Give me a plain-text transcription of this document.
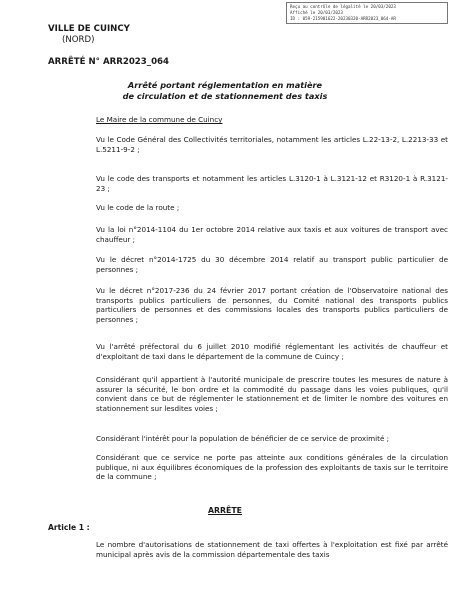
Reçu au contrôle de légalité le 20/03/2023
Affiché le 20/03/2023
ID : 059-215901622-20230320-ARR2023_064-AR
VILLE DE CUINCY
(NORD)
ARRÊTÉ N° ARR2023_064
Arrêté portant réglementation en matière
de circulation et de stationnement des taxis
Le Maire de la commune de Cuincy
Vu le Code Général des Collectivités territoriales, notamment les articles L.22-13-2, L.2213-33 et L.5211-9-2 ;
Vu le code des transports et notamment les articles L.3120-1 à L.3121-12 et R3120-1 à R.3121-23 ;
Vu le code de la route ;
Vu la loi n°2014-1104 du 1er octobre 2014 relative aux taxis et aux voitures de transport avec chauffeur ;
Vu le décret n°2014-1725 du 30 décembre 2014 relatif au transport public particulier de personnes ;
Vu le décret n°2017-236 du 24 février 2017 portant création de l'Observatoire national des transports publics particuliers de personnes, du Comité national des transports publics particuliers de personnes et des commissions locales des transports publics particuliers de personnes ;
Vu l'arrêté préfectoral du 6 juillet 2010 modifié réglementant les activités de chauffeur et d'exploitant de taxi dans le département de la commune de Cuincy ;
Considérant qu'il appartient à l'autorité municipale de prescrire toutes les mesures de nature à assurer la sécurité, le bon ordre et la commodité du passage dans les voies publiques, qu'il convient dans ce but de réglementer le stationnement et de limiter le nombre des voitures en stationnement sur lesdites voies ;
Considérant l'intérêt pour la population de bénéficier de ce service de proximité ;
Considérant que ce service ne porte pas atteinte aux conditions générales de la circulation publique, ni aux équilibres économiques de la profession des exploitants de taxis sur le territoire de la commune ;
Le nombre d'autorisations de stationnement de taxi offertes à l'exploitation est fixé par arrêté municipal après avis de la commission départementale des taxis
ARRÊTE
Article 1 :
